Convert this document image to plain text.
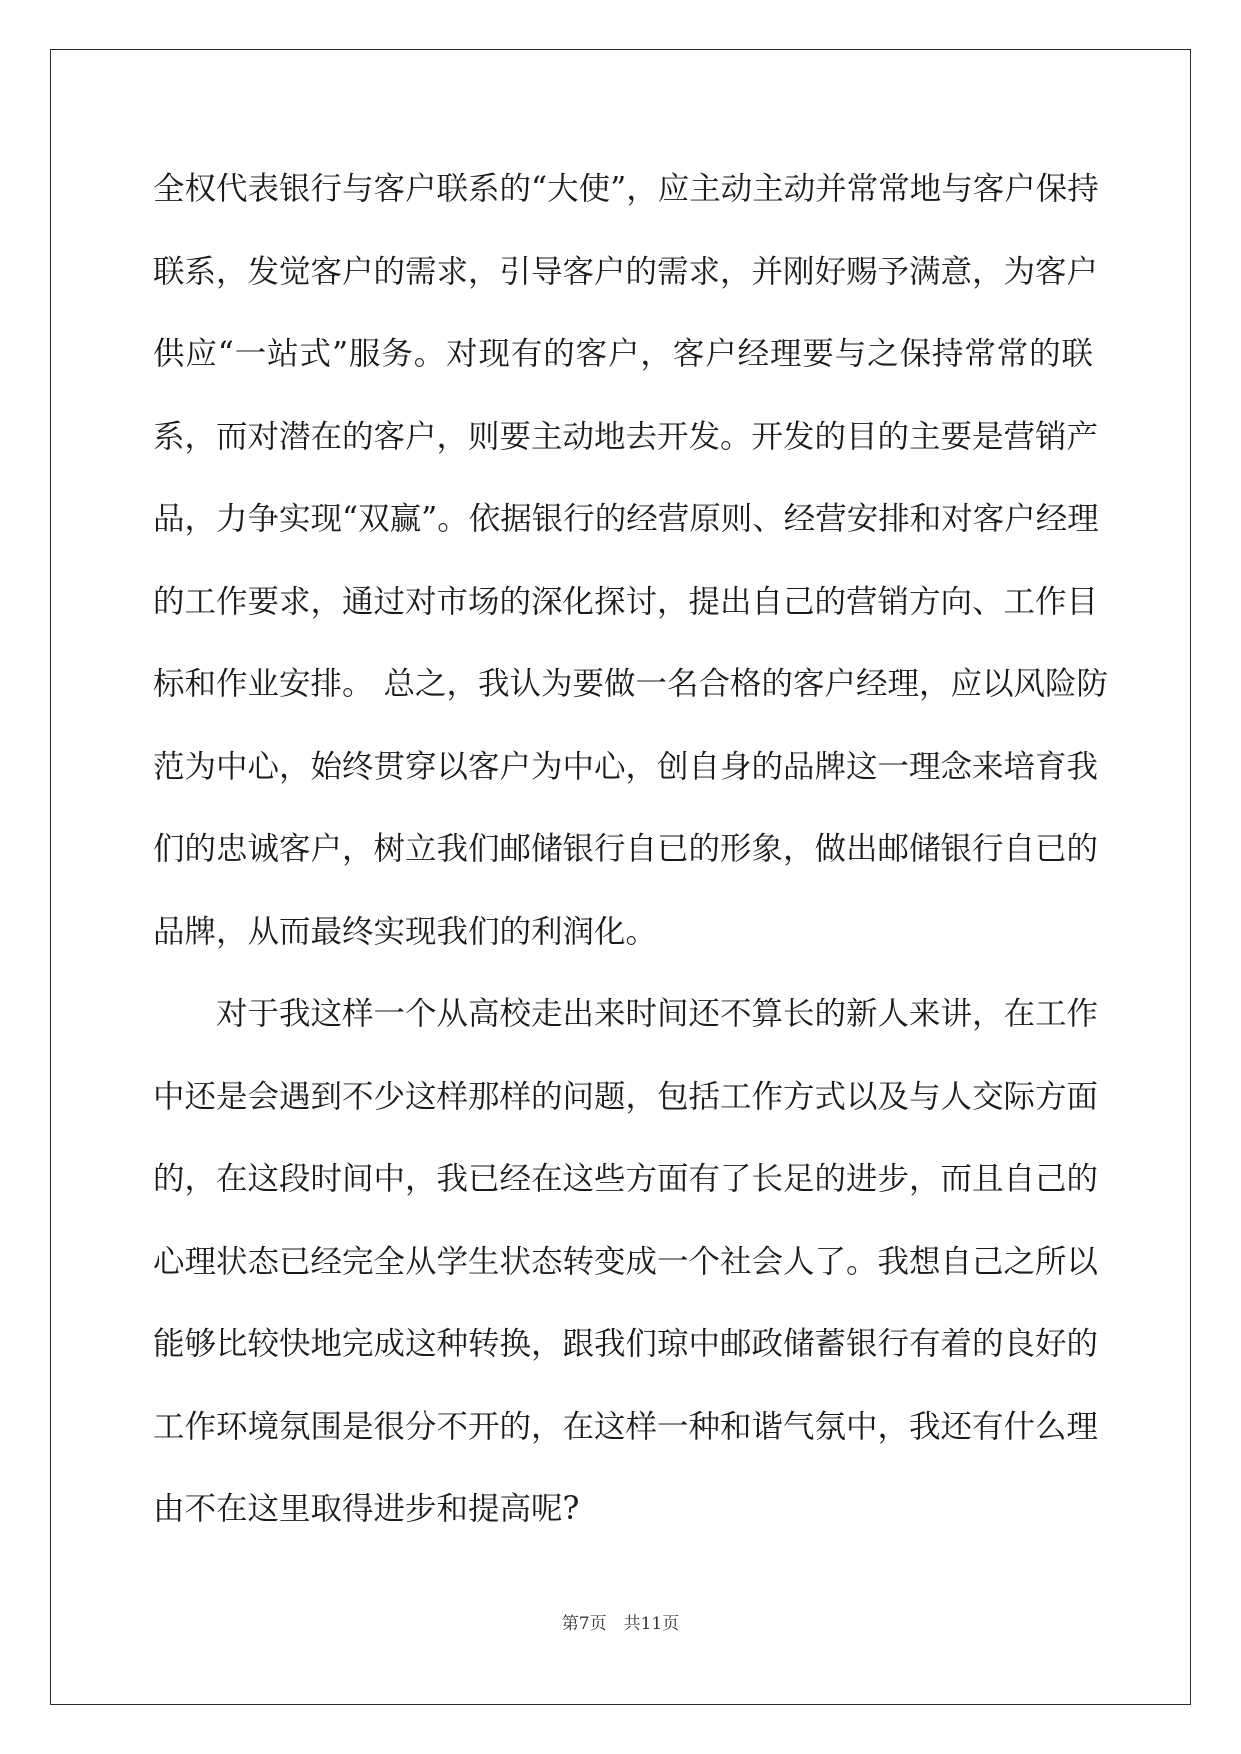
全权代表银行与客户联系的“大使”，应主动主动并常常地与客户保持
联系，发觉客户的需求，引导客户的需求，并刚好赐予满意，为客户
供应“一站式”服务。对现有的客户，客户经理要与之保持常常的联
系，而对潜在的客户，则要主动地去开发。开发的目的主要是营销产
品，力争实现“双赢”。依据银行的经营原则、经营安排和对客户经理
的工作要求，通过对市场的深化探讨，提出自己的营销方向、工作目
标和作业安排。 总之，我认为要做一名合格的客户经理，应以风险防
范为中心，始终贯穿以客户为中心，创自身的品牌这一理念来培育我
们的忠诚客户，树立我们邮储银行自已的形象，做出邮储银行自已的
品牌，从而最终实现我们的利润化。
对于我这样一个从高校走出来时间还不算长的新人来讲，在工作
中还是会遇到不少这样那样的问题，包括工作方式以及与人交际方面
的，在这段时间中，我已经在这些方面有了长足的进步，而且自己的
心理状态已经完全从学生状态转变成一个社会人了。我想自己之所以
能够比较快地完成这种转换，跟我们琼中邮政储蓄银行有着的良好的
工作环境氛围是很分不开的，在这样一种和谐气氛中，我还有什么理
由不在这里取得进步和提高呢?
第7页　共11页
